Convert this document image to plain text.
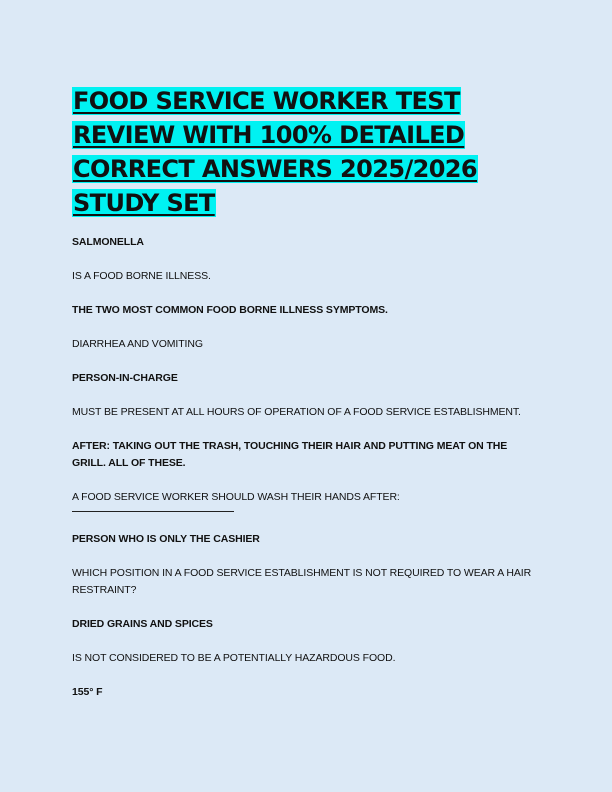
FOOD SERVICE WORKER TEST REVIEW WITH 100% DETAILED CORRECT ANSWERS 2025/2026 STUDY SET
SALMONELLA
IS A FOOD BORNE ILLNESS.
THE TWO MOST COMMON FOOD BORNE ILLNESS SYMPTOMS.
DIARRHEA AND VOMITING
PERSON-IN-CHARGE
MUST BE PRESENT AT ALL HOURS OF OPERATION OF A FOOD SERVICE ESTABLISHMENT.
AFTER: TAKING OUT THE TRASH, TOUCHING THEIR HAIR AND PUTTING MEAT ON THE GRILL. ALL OF THESE.
A FOOD SERVICE WORKER SHOULD WASH THEIR HANDS AFTER:
PERSON WHO IS ONLY THE CASHIER
WHICH POSITION IN A FOOD SERVICE ESTABLISHMENT IS NOT REQUIRED TO WEAR A HAIR RESTRAINT?
DRIED GRAINS AND SPICES
IS NOT CONSIDERED TO BE A POTENTIALLY HAZARDOUS FOOD.
155° F
